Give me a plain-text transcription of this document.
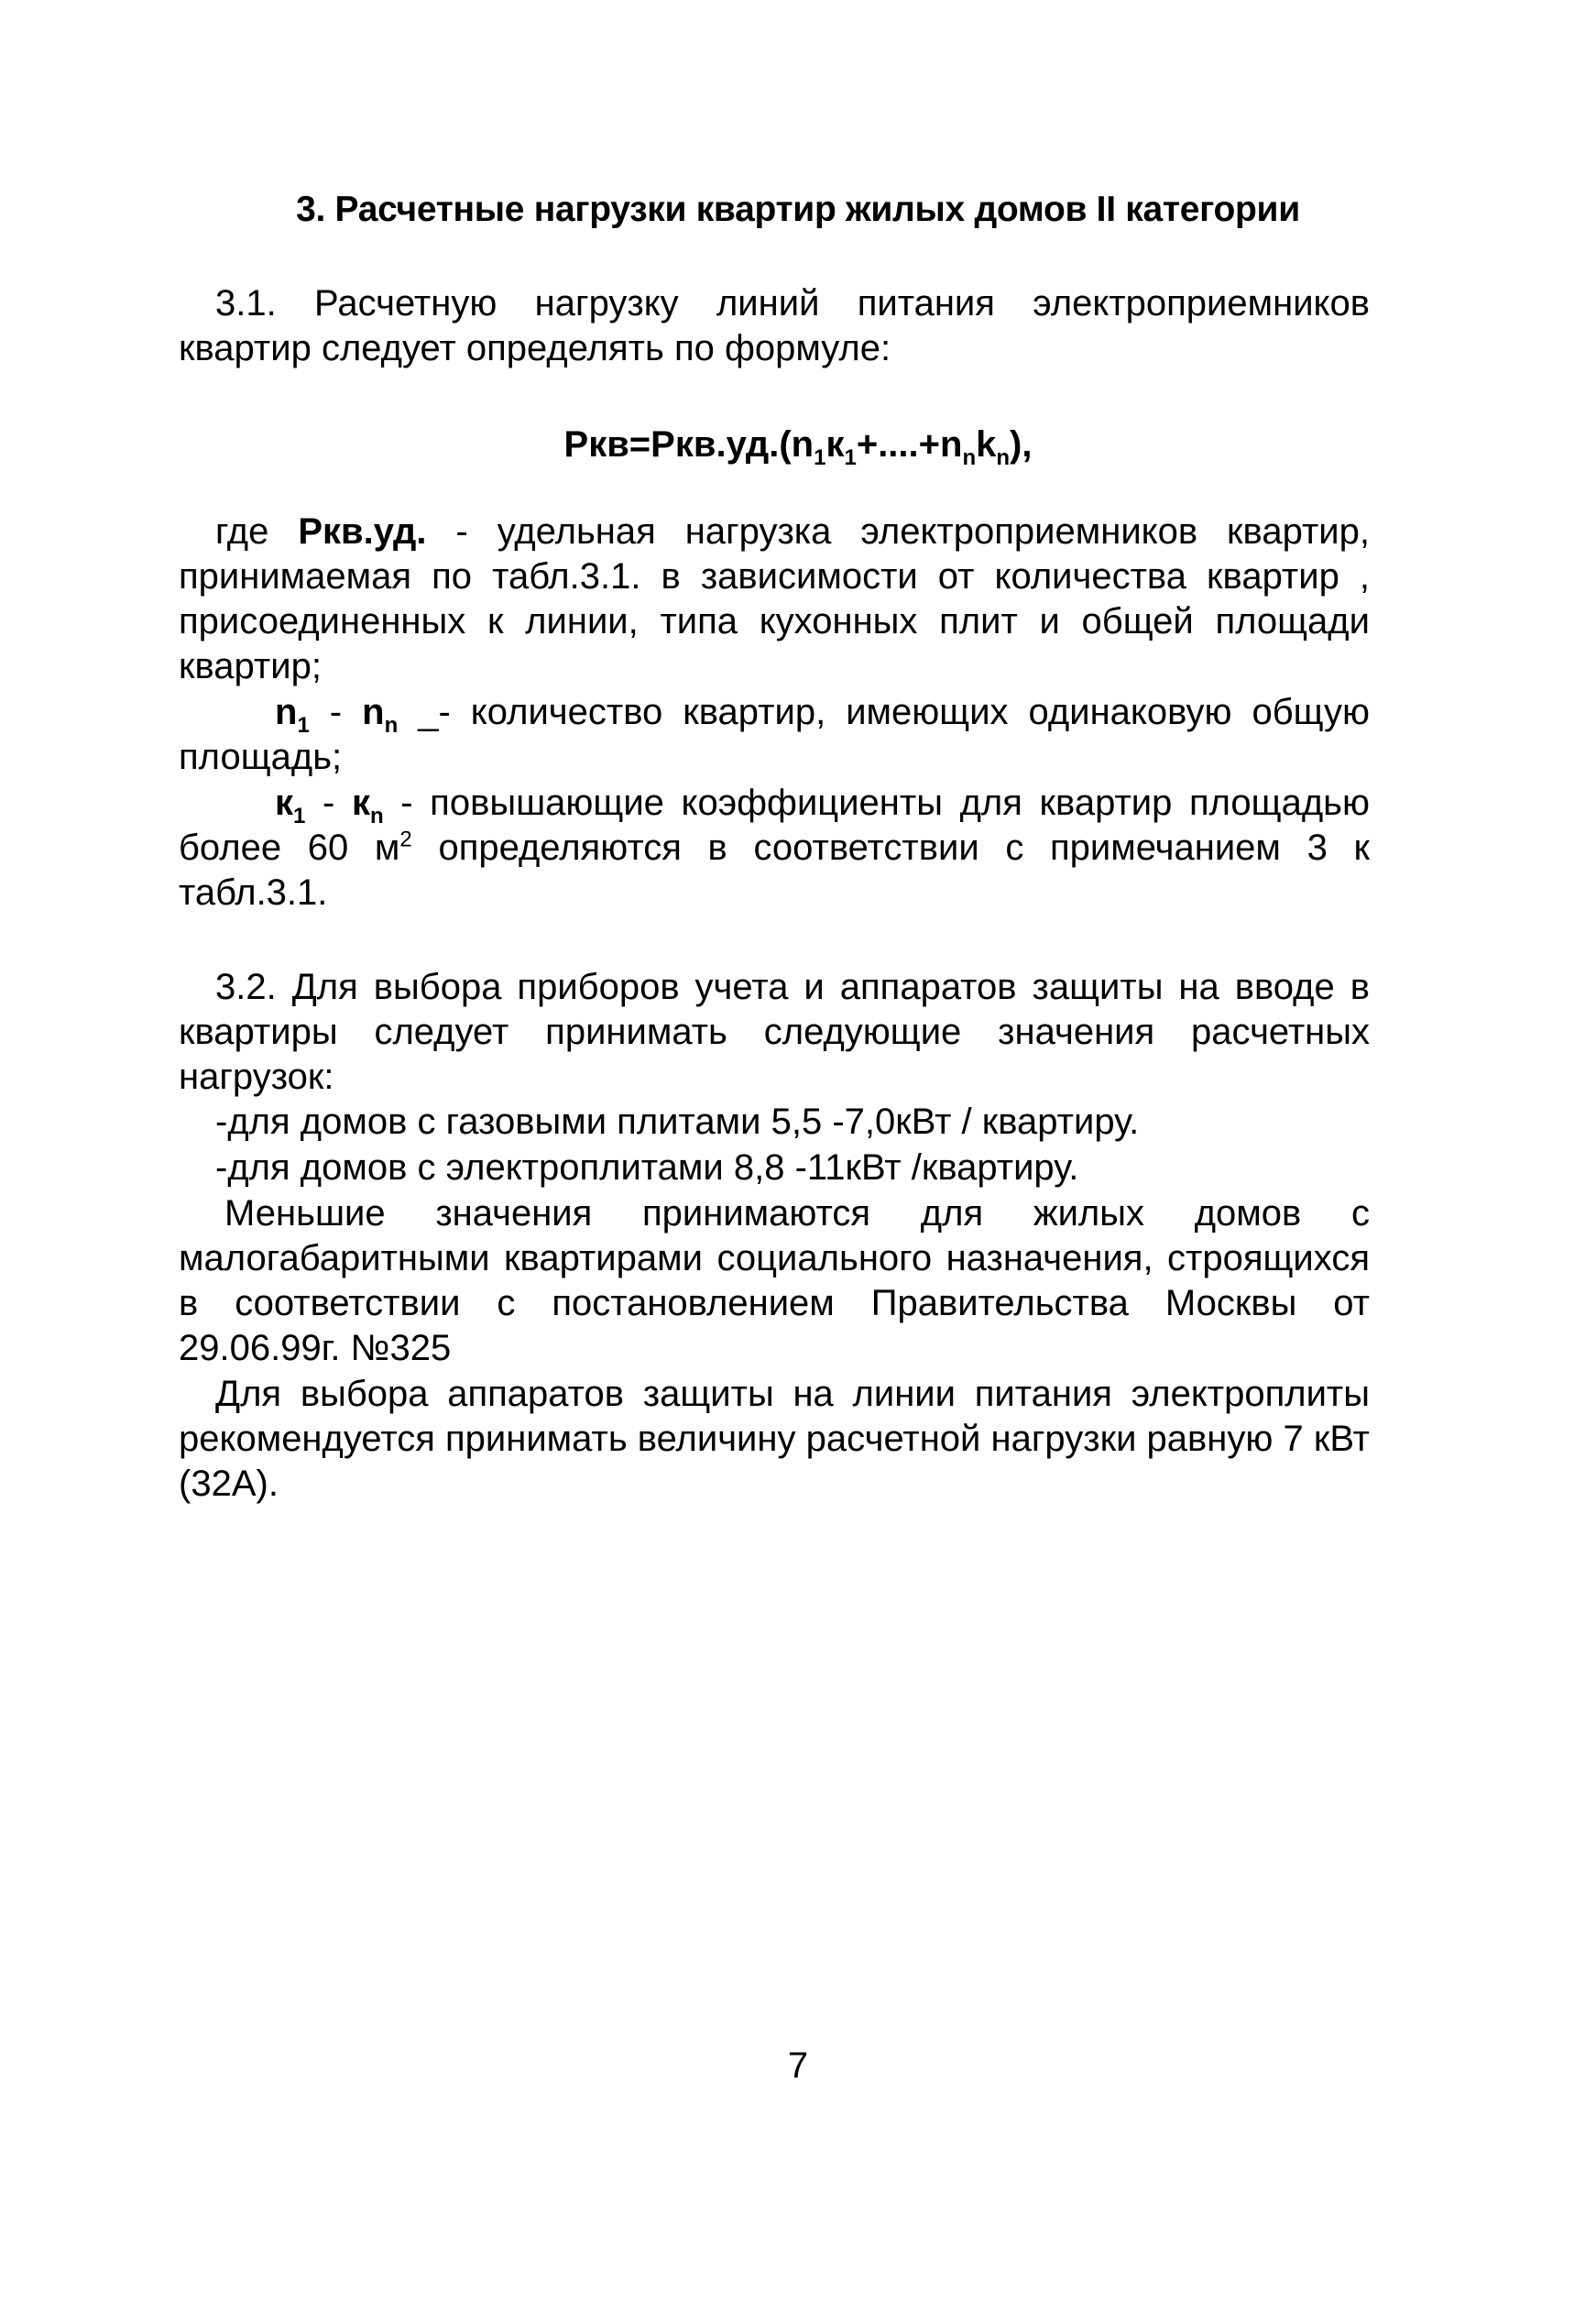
3. Расчетные нагрузки квартир жилых домов II категории
3.1. Расчетную нагрузку линий питания электроприемников квартир следует определять по формуле:
$Ркв=Ркв.уд.(n_1к_1+....+n_nk_n)$,
где Ркв.уд. - удельная нагрузка электроприемников квартир, принимаемая по табл.3.1. в зависимости от количества квартир , присоединенных к линии, типа кухонных плит и общей площади квартир;
$n_1 - n_n$ _- количество квартир, имеющих одинаковую общую площадь;
$к_1 - к_n$ - повышающие коэффициенты для квартир площадью более 60 $м^2$ определяются в соответствии с примечанием 3 к табл.3.1.
3.2. Для выбора приборов учета и аппаратов защиты на вводе в квартиры следует принимать следующие значения расчетных нагрузок:
-для домов с газовыми плитами 5,5 -7,0кВт / квартиру.
-для домов с электроплитами 8,8 -11кВт /квартиру.
Меньшие значения принимаются для жилых домов с малогабаритными квартирами социального назначения, строящихся в соответствии с постановлением Правительства Москвы от 29.06.99г. №325
Для выбора аппаратов защиты на линии питания электроплиты рекомендуется принимать величину расчетной нагрузки равную 7 кВт (32А).
7
